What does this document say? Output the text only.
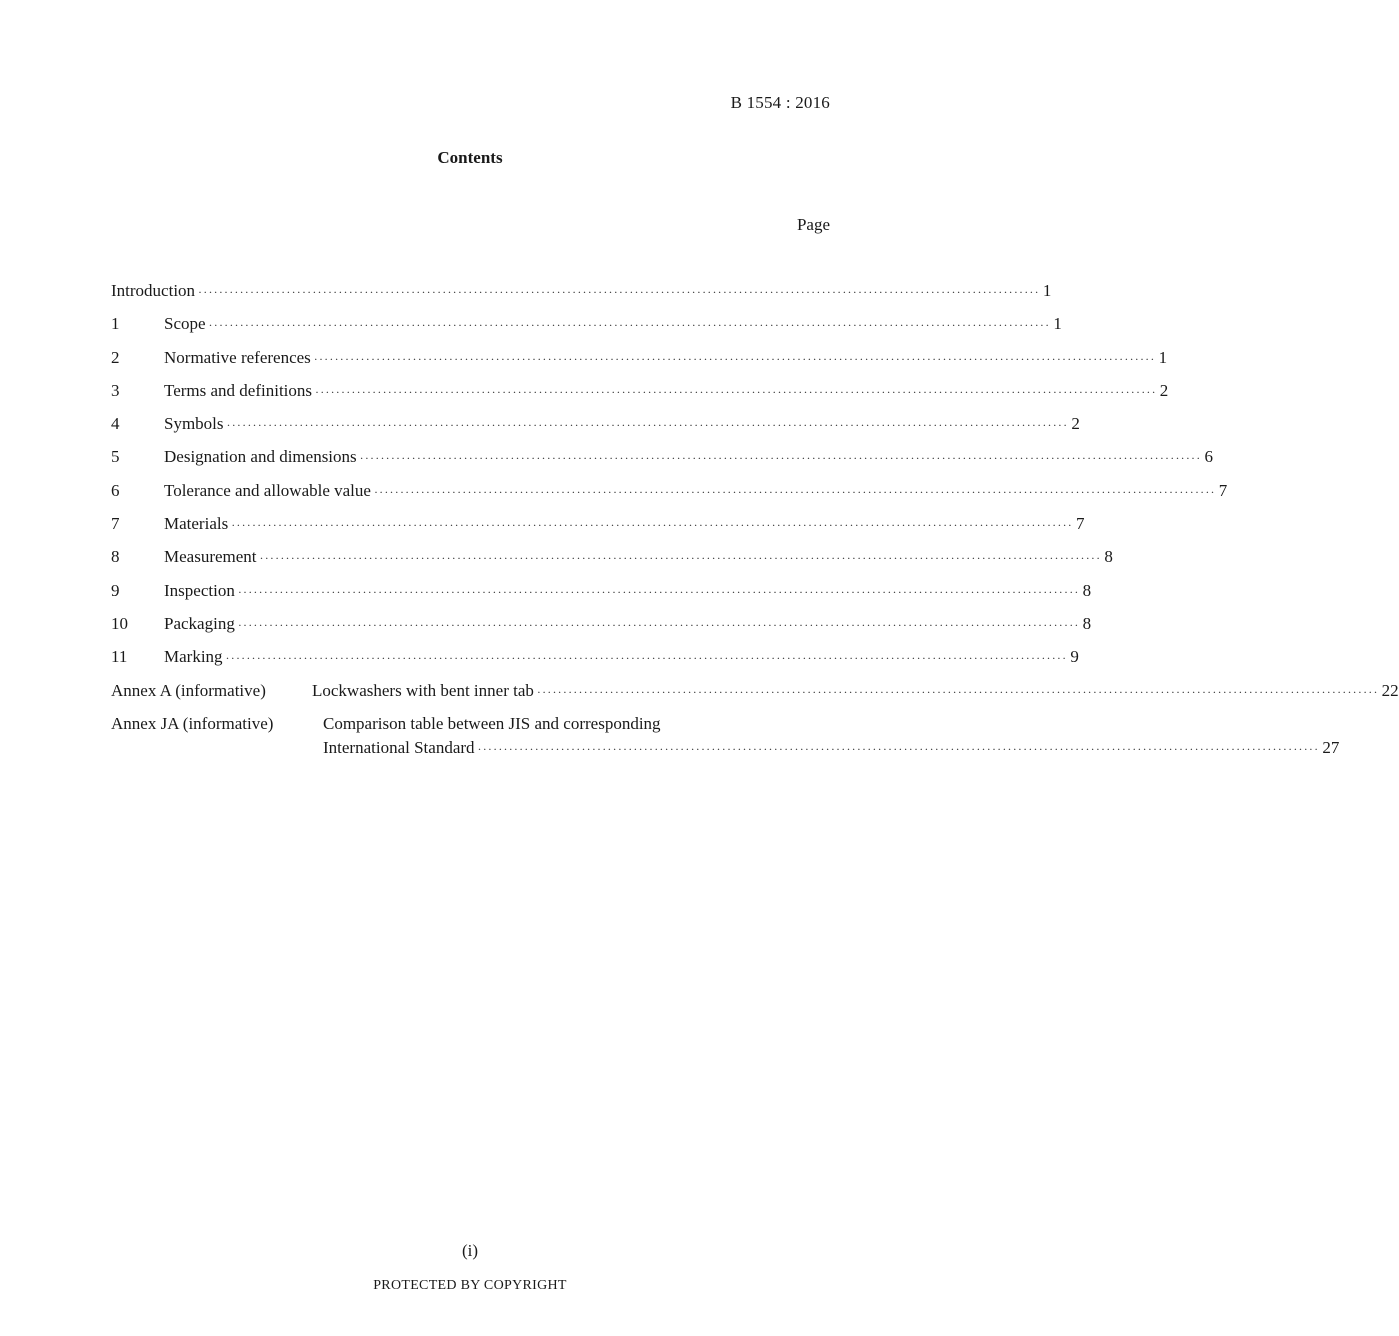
B 1554 : 2016
Contents
Page
Introduction ·····	1
1	Scope ·····	1
2	Normative references ·····	1
3	Terms and definitions ·····	2
4	Symbols ·····	2
5	Designation and dimensions ·····	6
6	Tolerance and allowable value ·····	7
7	Materials ·····	7
8	Measurement ·····	8
9	Inspection ·····	8
10	Packaging ·····	8
11	Marking ·····	9
Annex A (informative)	Lockwashers with bent inner tab ·····	22
Annex JA (informative)	Comparison table between JIS and corresponding
International Standard ·····	27
(i)
PROTECTED BY COPYRIGHT
